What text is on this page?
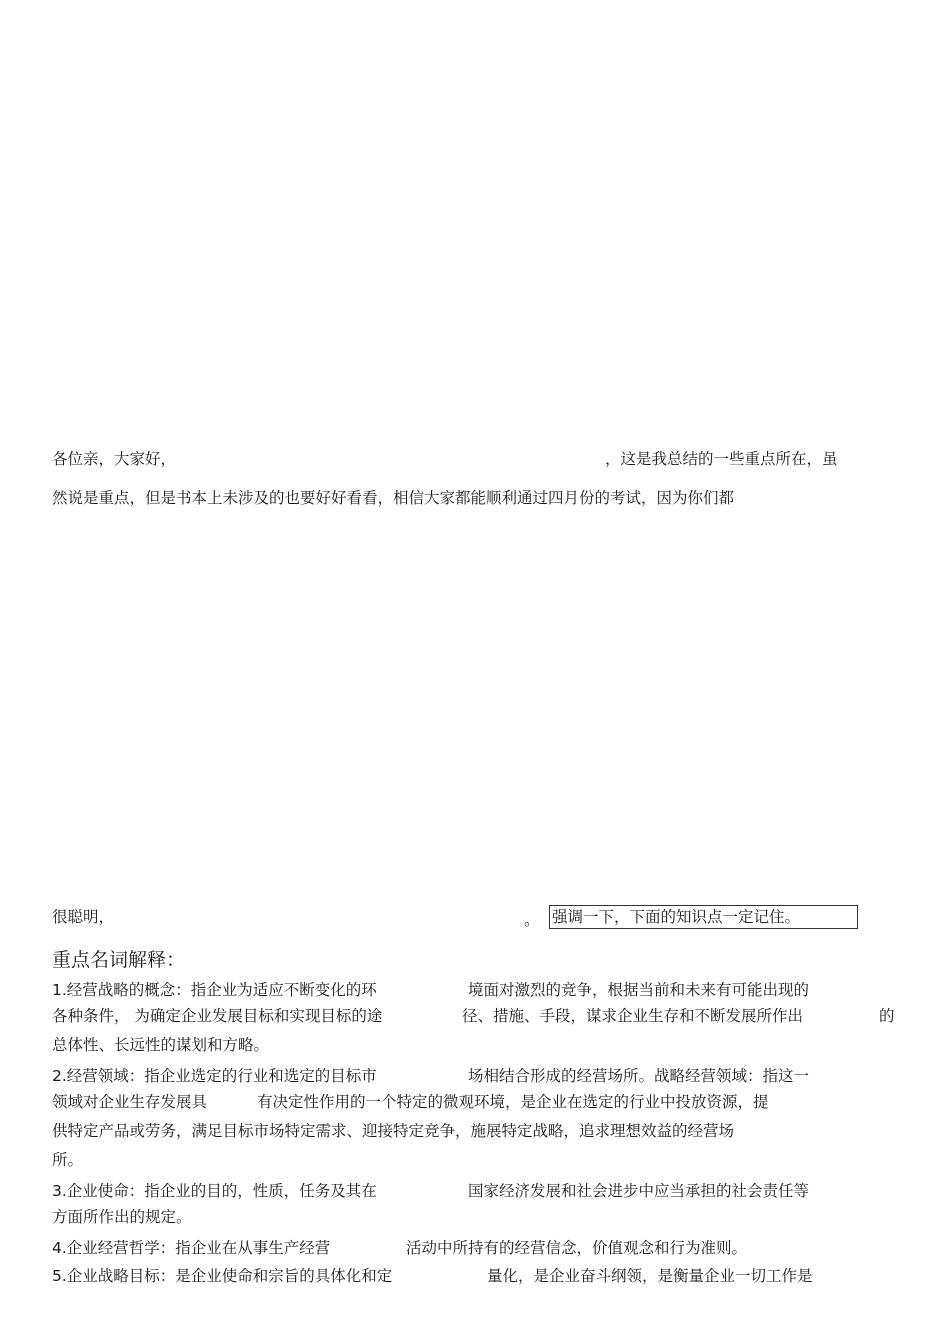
各位亲，大家好，	，这是我总结的一些重点所在，虽
然说是重点，但是书本上未涉及的也要好好看看，相信大家都能顺利通过四月份的考试，因为你们都
很聪明，	。 强调一下，下面的知识点一定记住。
重点名词解释：
1.经营战略的概念：指企业为适应不断变化的环	境面对激烈的竞争，根据当前和未来有可能出现的
各种条件， 为确定企业发展目标和实现目标的途	径、措施、手段，谋求企业生存和不断发展所作出	的
总体性、长远性的谋划和方略。
2.经营领域：指企业选定的行业和选定的目标市	场相结合形成的经营场所。战略经营领域：指这一
领域对企业生存发展具	有决定性作用的一个特定的微观环境，是企业在选定的行业中投放资源，提
供特定产品或劳务，满足目标市场特定需求、迎接特定竞争，施展特定战略，追求理想效益的经营场
所。
3.企业使命：指企业的目的，性质，任务及其在	国家经济发展和社会进步中应当承担的社会责任等
方面所作出的规定。
4.企业经营哲学：指企业在从事生产经营	活动中所持有的经营信念，价值观念和行为准则。
5.企业战略目标：是企业使命和宗旨的具体化和定	量化，是企业奋斗纲领，是衡量企业一切工作是
